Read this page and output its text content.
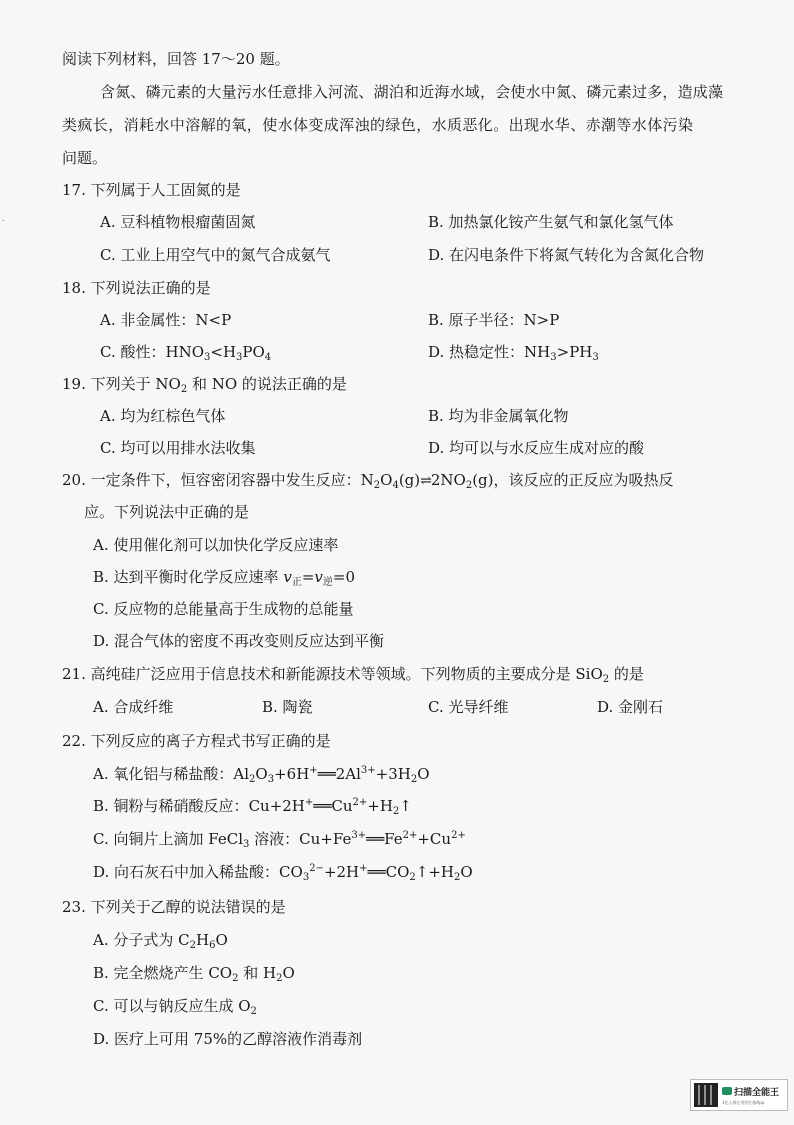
阅读下列材料，回答 17～20 题。
含氮、磷元素的大量污水任意排入河流、湖泊和近海水域，会使水中氮、磷元素过多，造成藻
类疯长，消耗水中溶解的氧，使水体变成浑浊的绿色，水质恶化。出现水华、赤潮等水体污染
问题。
.
17. 下列属于人工固氮的是
A. 豆科植物根瘤菌固氮	B. 加热氯化铵产生氨气和氯化氢气体
C. 工业上用空气中的氮气合成氨气	D. 在闪电条件下将氮气转化为含氮化合物
18. 下列说法正确的是
A. 非金属性：N<P	B. 原子半径：N>P
C. 酸性：$HNO_3<H_3PO_4$	D. 热稳定性：$NH_3>PH_3$
19. 下列关于 $NO_2$ 和 NO 的说法正确的是
A. 均为红棕色气体	B. 均为非金属氧化物
C. 均可以用排水法收集	D. 均可以与水反应生成对应的酸
20. 一定条件下，恒容密闭容器中发生反应：$N_2O_4(g)\rightleftharpoons 2NO_2(g)$，该反应的正反应为吸热反
应。下列说法中正确的是
A. 使用催化剂可以加快化学反应速率
B. 达到平衡时化学反应速率 $v_正=v_逆=0$
C. 反应物的总能量高于生成物的总能量
D. 混合气体的密度不再改变则反应达到平衡
21. 高纯硅广泛应用于信息技术和新能源技术等领域。下列物质的主要成分是 SiO$_2$ 的是
A. 合成纤维	B. 陶瓷	C. 光导纤维	D. 金刚石
22. 下列反应的离子方程式书写正确的是
A. 氧化铝与稀盐酸：$Al_2O_3+6H^+══2Al^{3+}+3H_2O$
B. 铜粉与稀硝酸反应：$Cu+2H^+══Cu^{2+}+H_2↑$
C. 向铜片上滴加 FeCl$_3$ 溶液：$Cu+Fe^{3+}══Fe^{2+}+Cu^{2+}$
D. 向石灰石中加入稀盐酸：$CO_3^{2-}+2H^+══CO_2↑+H_2O$
23. 下列关于乙醇的说法错误的是
A. 分子式为 $C_2H_6O$
B. 完全燃烧产生 $CO_2$ 和 $H_2O$
C. 可以与钠反应生成 $O_2$
D. 医疗上可用 75%的乙醇溶液作消毒剂
扫描全能王
3亿人都在用的扫描App
